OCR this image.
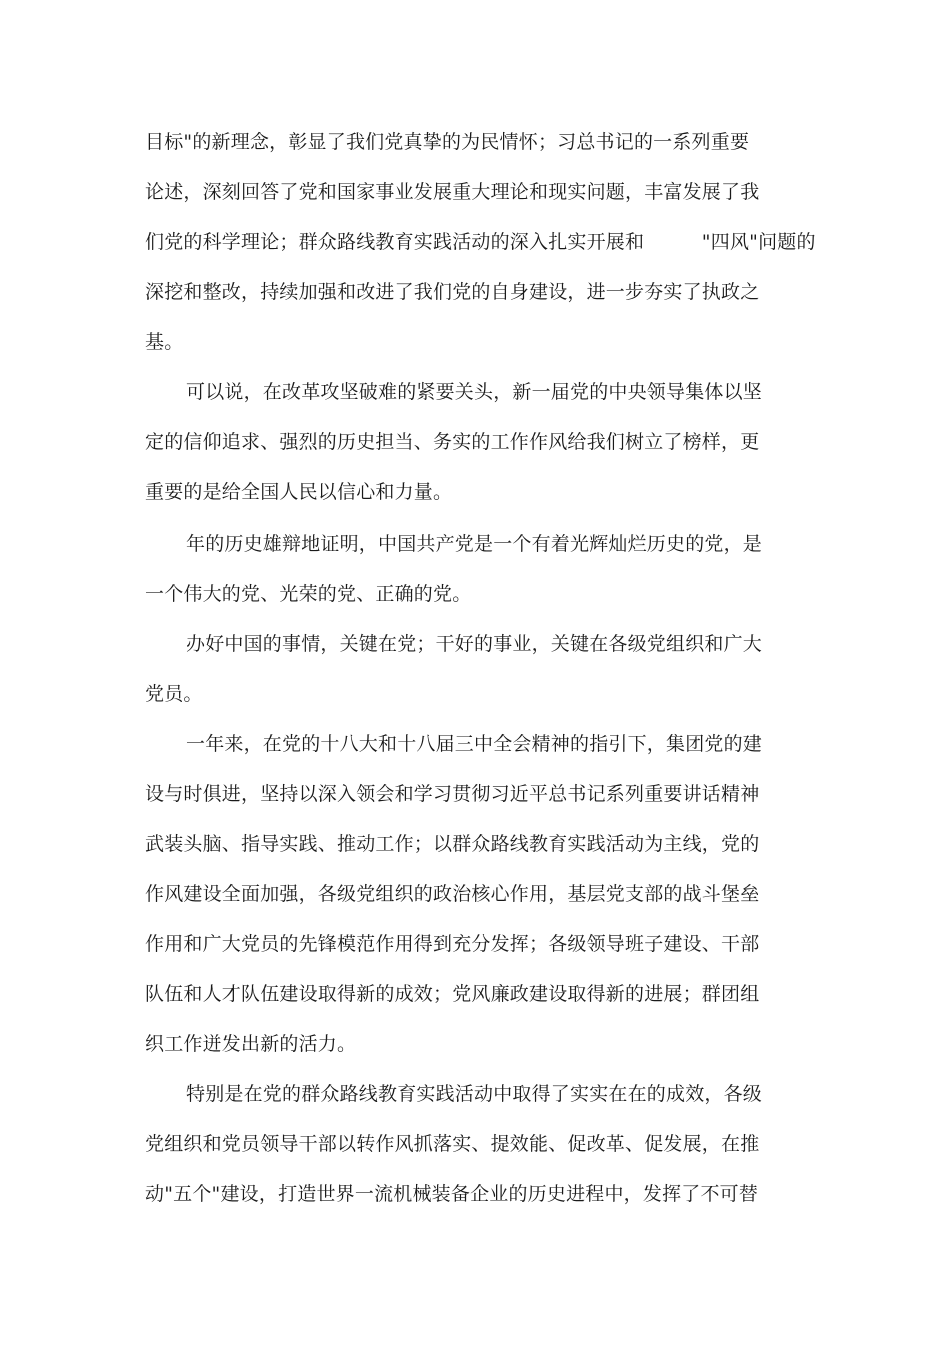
目标"的新理念，彰显了我们党真挚的为民情怀；习总书记的一系列重要
论述，深刻回答了党和国家事业发展重大理论和现实问题，丰富发展了我
们党的科学理论；群众路线教育实践活动的深入扎实开展和　　　"四风"问题的
深挖和整改，持续加强和改进了我们党的自身建设，进一步夯实了执政之
基。
可以说，在改革攻坚破难的紧要关头，新一届党的中央领导集体以坚
定的信仰追求、强烈的历史担当、务实的工作作风给我们树立了榜样，更
重要的是给全国人民以信心和力量。
年的历史雄辩地证明，中国共产党是一个有着光辉灿烂历史的党，是
一个伟大的党、光荣的党、正确的党。
办好中国的事情，关键在党；干好的事业，关键在各级党组织和广大
党员。
一年来，在党的十八大和十八届三中全会精神的指引下，集团党的建
设与时俱进，坚持以深入领会和学习贯彻习近平总书记系列重要讲话精神
武装头脑、指导实践、推动工作；以群众路线教育实践活动为主线，党的
作风建设全面加强，各级党组织的政治核心作用，基层党支部的战斗堡垒
作用和广大党员的先锋模范作用得到充分发挥；各级领导班子建设、干部
队伍和人才队伍建设取得新的成效；党风廉政建设取得新的进展；群团组
织工作迸发出新的活力。
特别是在党的群众路线教育实践活动中取得了实实在在的成效，各级
党组织和党员领导干部以转作风抓落实、提效能、促改革、促发展，在推
动"五个"建设，打造世界一流机械装备企业的历史进程中，发挥了不可替
